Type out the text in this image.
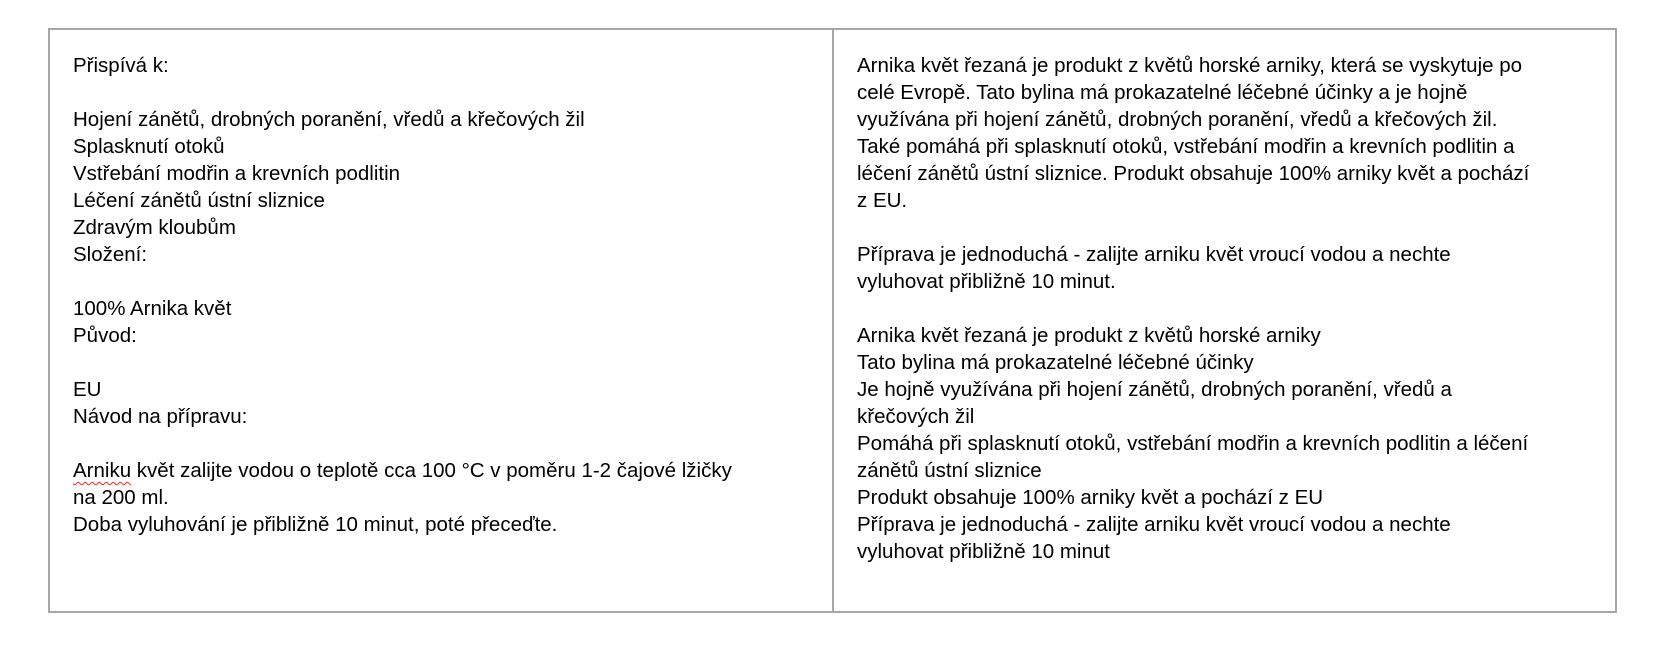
Přispívá k:
Hojení zánětů, drobných poranění, vředů a křečových žil
Splasknutí otoků
Vstřebání modřin a krevních podlitin
Léčení zánětů ústní sliznice
Zdravým kloubům
Složení:
100% Arnika květ
Původ:
EU
Návod na přípravu:
Arniku květ zalijte vodou o teplotě cca 100 °C v poměru 1-2 čajové lžičky
na 200 ml.
Doba vyluhování je přibližně 10 minut, poté přeceďte.
Arnika květ řezaná je produkt z květů horské arniky, která se vyskytuje po
celé Evropě. Tato bylina má prokazatelné léčebné účinky a je hojně
využívána při hojení zánětů, drobných poranění, vředů a křečových žil.
Také pomáhá při splasknutí otoků, vstřebání modřin a krevních podlitin a
léčení zánětů ústní sliznice. Produkt obsahuje 100% arniky květ a pochází
z EU.
Příprava je jednoduchá - zalijte arniku květ vroucí vodou a nechte
vyluhovat přibližně 10 minut.
Arnika květ řezaná je produkt z květů horské arniky
Tato bylina má prokazatelné léčebné účinky
Je hojně využívána při hojení zánětů, drobných poranění, vředů a
křečových žil
Pomáhá při splasknutí otoků, vstřebání modřin a krevních podlitin a léčení
zánětů ústní sliznice
Produkt obsahuje 100% arniky květ a pochází z EU
Příprava je jednoduchá - zalijte arniku květ vroucí vodou a nechte
vyluhovat přibližně 10 minut
